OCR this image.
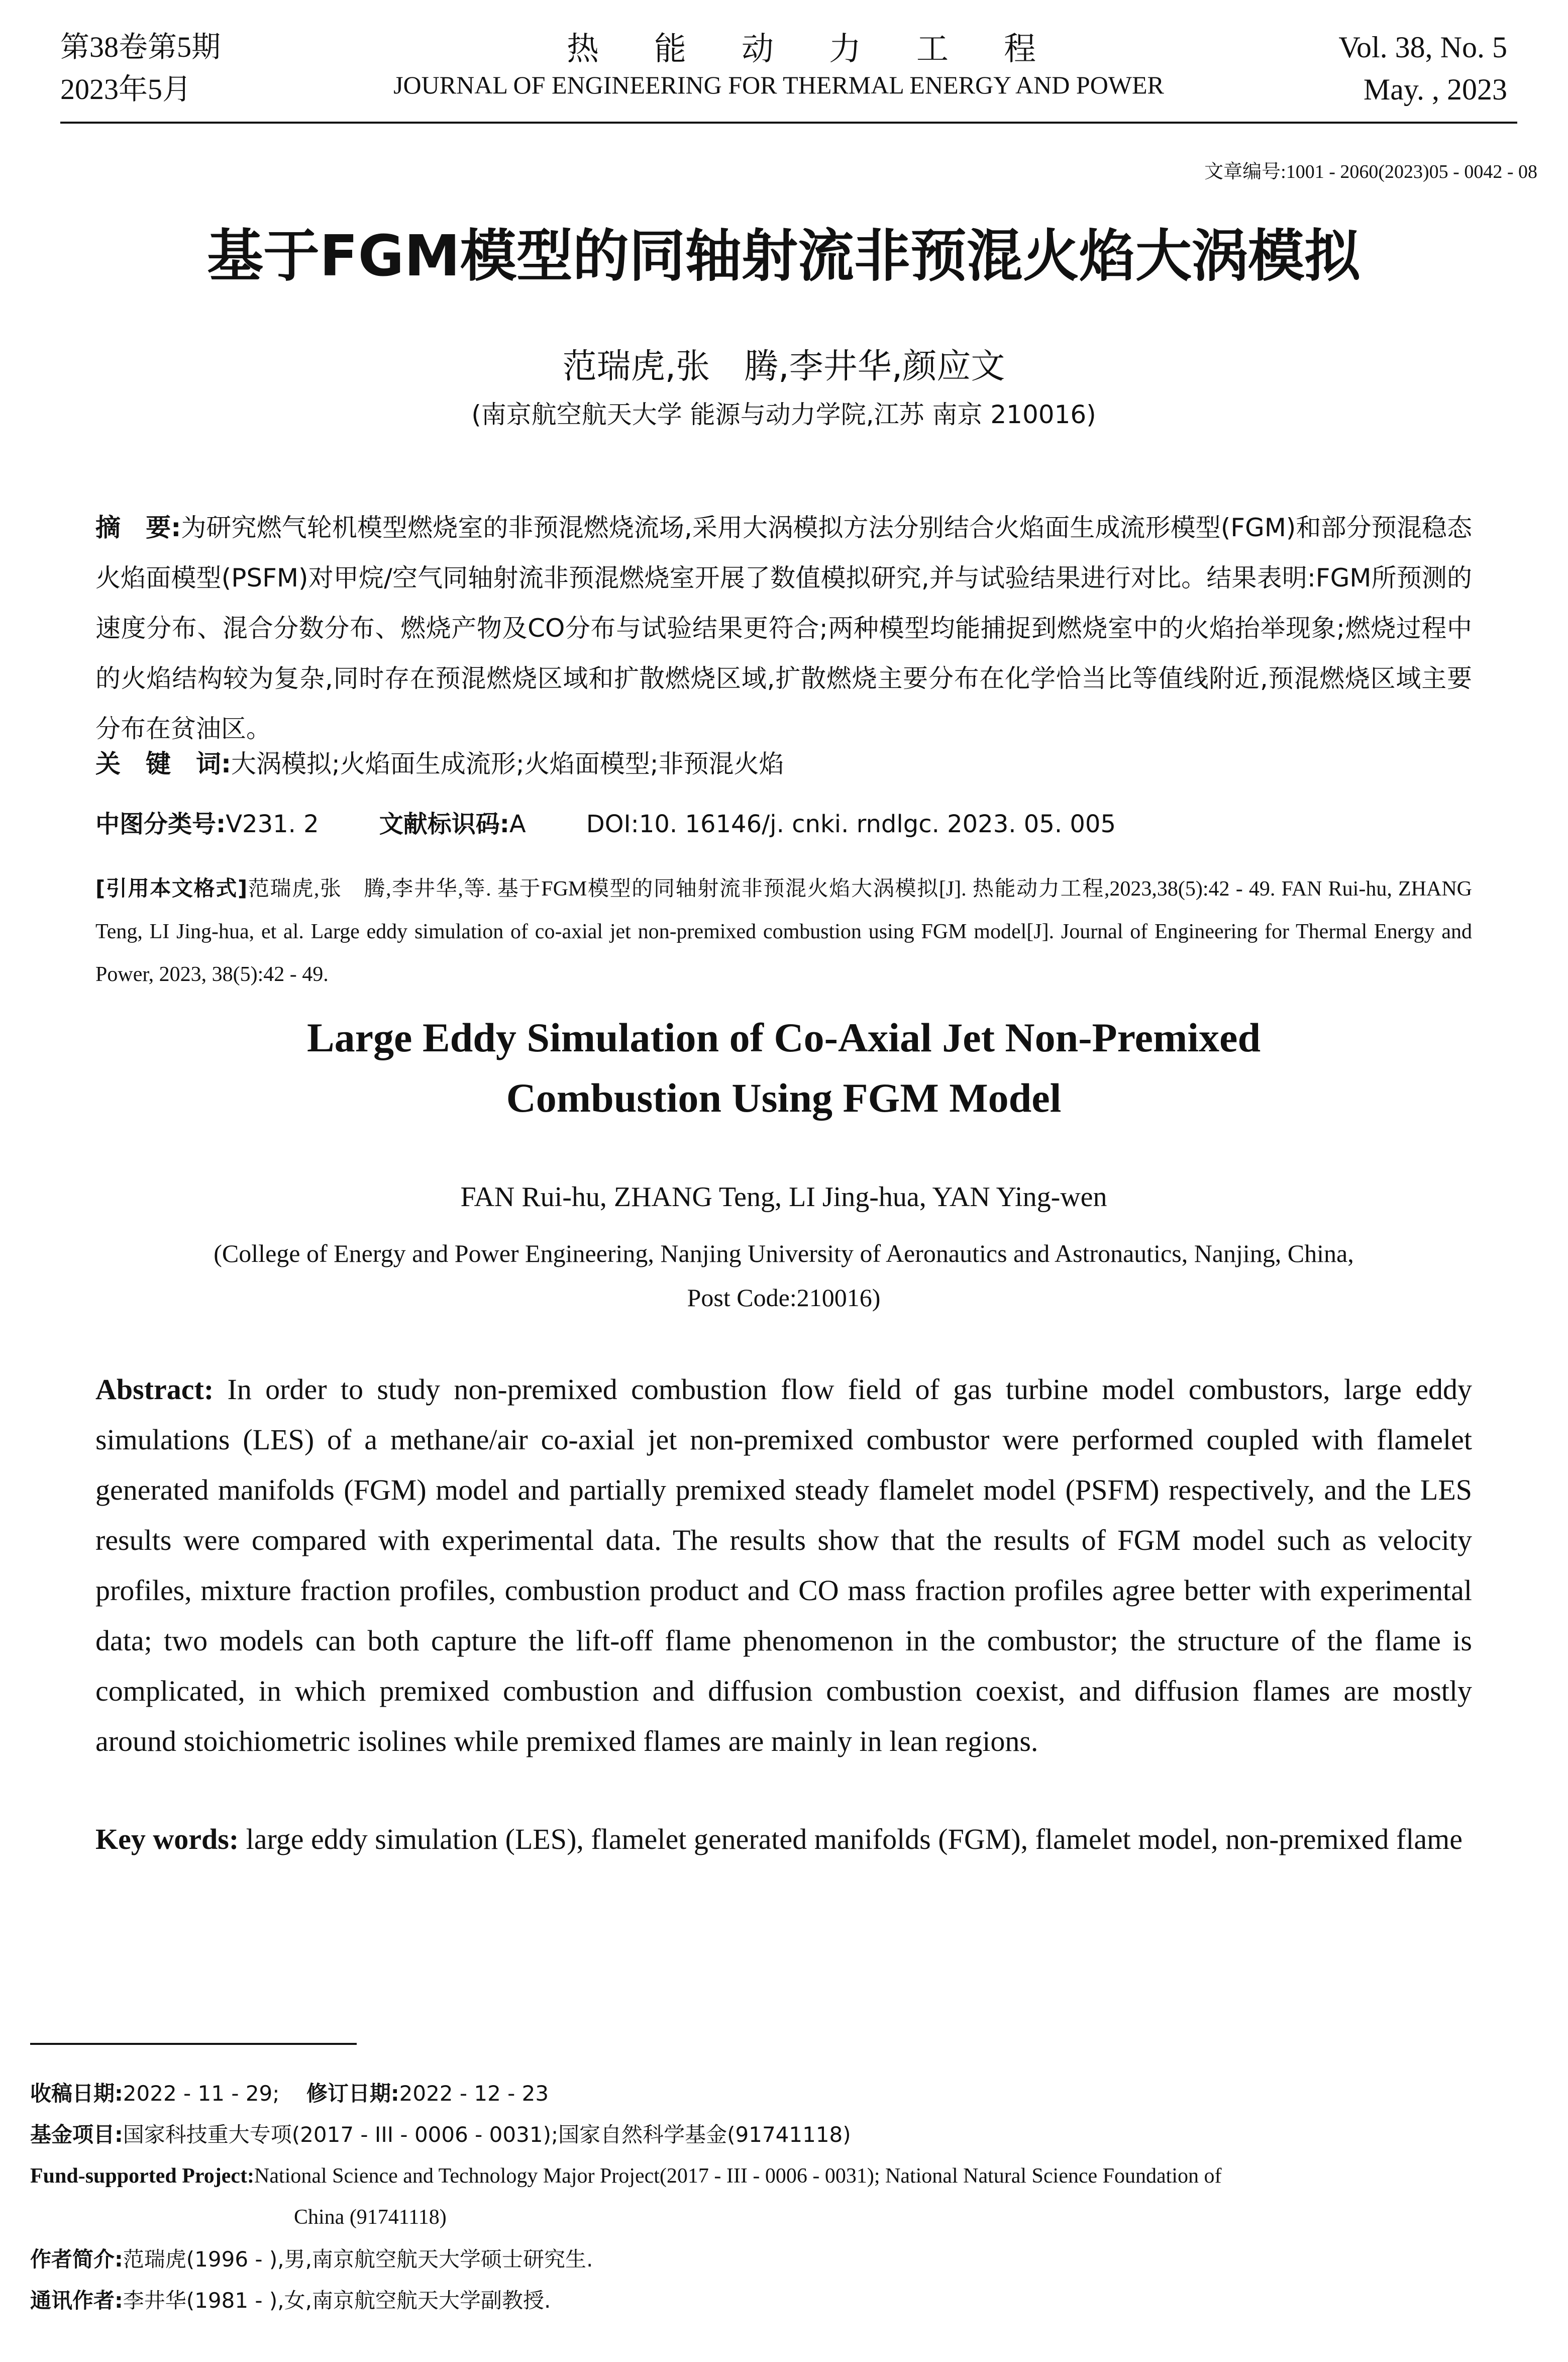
第38卷第5期
2023年5月
热能动力工程
JOURNAL OF ENGINEERING FOR THERMAL ENERGY AND POWER
Vol. 38, No. 5
May. , 2023
文章编号:1001 - 2060(2023)05 - 0042 - 08
基于FGM模型的同轴射流非预混火焰大涡模拟
范瑞虎,张　腾,李井华,颜应文
(南京航空航天大学 能源与动力学院,江苏 南京 210016)
摘　要:为研究燃气轮机模型燃烧室的非预混燃烧流场,采用大涡模拟方法分别结合火焰面生成流形模型(FGM)和部分预混稳态火焰面模型(PSFM)对甲烷/空气同轴射流非预混燃烧室开展了数值模拟研究,并与试验结果进行对比。结果表明:FGM所预测的速度分布、混合分数分布、燃烧产物及CO分布与试验结果更符合;两种模型均能捕捉到燃烧室中的火焰抬举现象;燃烧过程中的火焰结构较为复杂,同时存在预混燃烧区域和扩散燃烧区域,扩散燃烧主要分布在化学恰当比等值线附近,预混燃烧区域主要分布在贫油区。
关　键　词:大涡模拟;火焰面生成流形;火焰面模型;非预混火焰
中图分类号:V231. 2	文献标识码:A	DOI:10. 16146/j. cnki. rndlgc. 2023. 05. 005
[引用本文格式]范瑞虎,张　腾,李井华,等. 基于FGM模型的同轴射流非预混火焰大涡模拟[J]. 热能动力工程,2023,38(5):42 - 49. FAN Rui-hu, ZHANG Teng, LI Jing-hua, et al. Large eddy simulation of co-axial jet non-premixed combustion using FGM model[J]. Journal of Engineering for Thermal Energy and Power, 2023, 38(5):42 - 49.
Large Eddy Simulation of Co-Axial Jet Non-Premixed
Combustion Using FGM Model
FAN Rui-hu, ZHANG Teng, LI Jing-hua, YAN Ying-wen
(College of Energy and Power Engineering, Nanjing University of Aeronautics and Astronautics, Nanjing, China,
Post Code:210016)
Abstract: In order to study non-premixed combustion flow field of gas turbine model combustors, large eddy simulations (LES) of a methane/air co-axial jet non-premixed combustor were performed coupled with flamelet generated manifolds (FGM) model and partially premixed steady flamelet model (PSFM) respectively, and the LES results were compared with experimental data. The results show that the results of FGM model such as velocity profiles, mixture fraction profiles, combustion product and CO mass fraction profiles agree better with experimental data; two models can both capture the lift-off flame phenomenon in the combustor; the structure of the flame is complicated, in which premixed combustion and diffusion combustion coexist, and diffusion flames are mostly around stoichiometric isolines while premixed flames are mainly in lean regions.
Key words: large eddy simulation (LES), flamelet generated manifolds (FGM), flamelet model, non-premixed flame
收稿日期:2022 - 11 - 29; 修订日期:2022 - 12 - 23
基金项目:国家科技重大专项(2017 - III - 0006 - 0031);国家自然科学基金(91741118)
Fund-supported Project:National Science and Technology Major Project(2017 - III - 0006 - 0031); National Natural Science Foundation of
China (91741118)
作者简介:范瑞虎(1996 - ),男,南京航空航天大学硕士研究生.
通讯作者:李井华(1981 - ),女,南京航空航天大学副教授.
